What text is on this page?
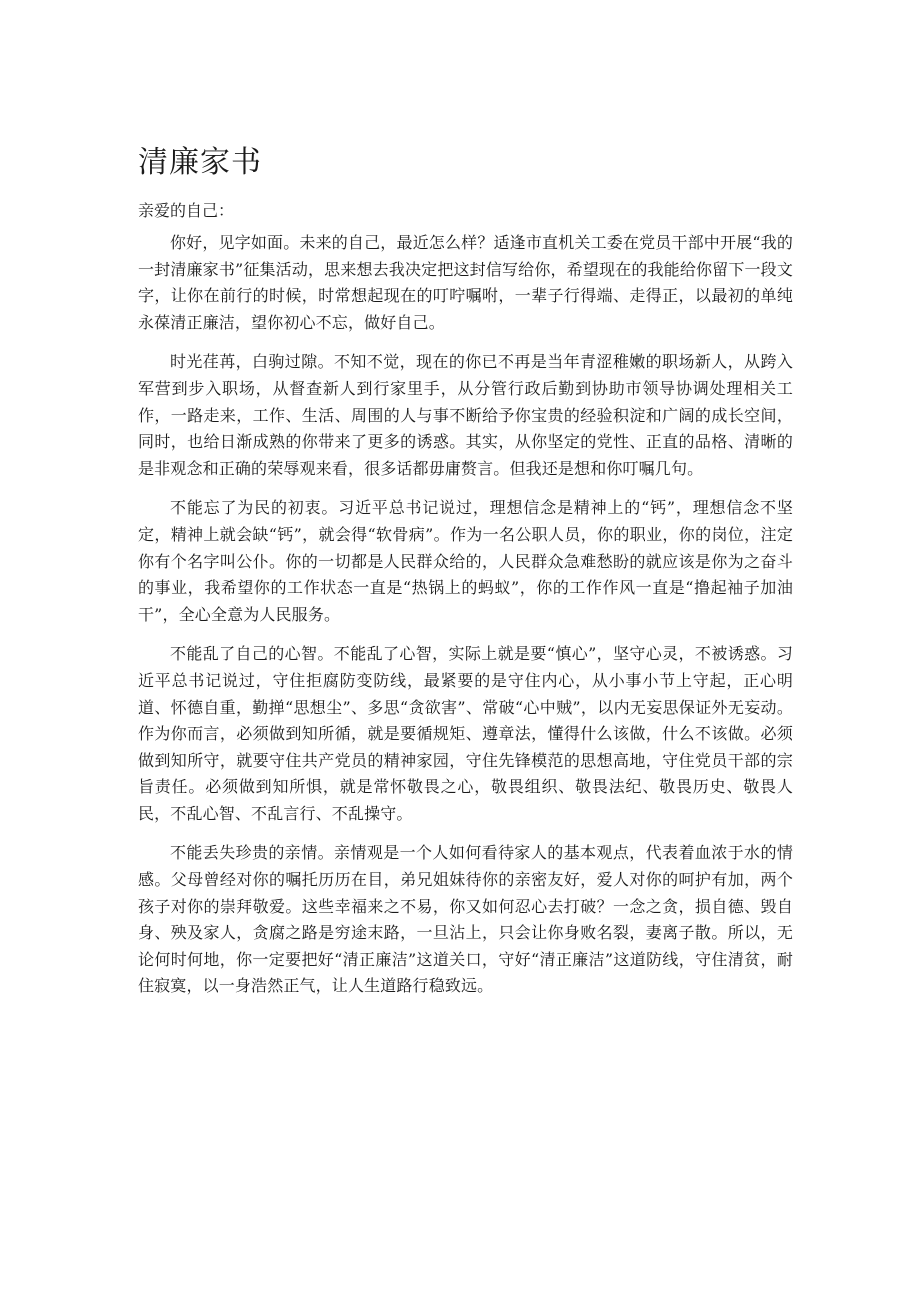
清廉家书

亲爱的自己：

你好，见字如面。未来的自己，最近怎么样？适逢市直机关工委在党员干部中开展“我的一封清廉家书”征集活动，思来想去我决定把这封信写给你，希望现在的我能给你留下一段文字，让你在前行的时候，时常想起现在的叮咛嘱咐，一辈子行得端、走得正，以最初的单纯永葆清正廉洁，望你初心不忘，做好自己。

时光荏苒，白驹过隙。不知不觉，现在的你已不再是当年青涩稚嫩的职场新人，从跨入军营到步入职场，从督查新人到行家里手，从分管行政后勤到协助市领导协调处理相关工作，一路走来，工作、生活、周围的人与事不断给予你宝贵的经验积淀和广阔的成长空间，同时，也给日渐成熟的你带来了更多的诱惑。其实，从你坚定的党性、正直的品格、清晰的是非观念和正确的荣辱观来看，很多话都毋庸赘言。但我还是想和你叮嘱几句。

不能忘了为民的初衷。习近平总书记说过，理想信念是精神上的“钙”，理想信念不坚定，精神上就会缺“钙”，就会得“软骨病”。作为一名公职人员，你的职业，你的岗位，注定你有个名字叫公仆。你的一切都是人民群众给的，人民群众急难愁盼的就应该是你为之奋斗的事业，我希望你的工作状态一直是“热锅上的蚂蚁”，你的工作作风一直是“撸起袖子加油干”，全心全意为人民服务。

不能乱了自己的心智。不能乱了心智，实际上就是要“慎心”，坚守心灵，不被诱惑。习近平总书记说过，守住拒腐防变防线，最紧要的是守住内心，从小事小节上守起，正心明道、怀德自重，勤掸“思想尘”、多思“贪欲害”、常破“心中贼”，以内无妄思保证外无妄动。作为你而言，必须做到知所循，就是要循规矩、遵章法，懂得什么该做，什么不该做。必须做到知所守，就要守住共产党员的精神家园，守住先锋模范的思想高地，守住党员干部的宗旨责任。必须做到知所惧，就是常怀敬畏之心，敬畏组织、敬畏法纪、敬畏历史、敬畏人民，不乱心智、不乱言行、不乱操守。

不能丢失珍贵的亲情。亲情观是一个人如何看待家人的基本观点，代表着血浓于水的情感。父母曾经对你的嘱托历历在目，弟兄姐妹待你的亲密友好，爱人对你的呵护有加，两个孩子对你的崇拜敬爱。这些幸福来之不易，你又如何忍心去打破？一念之贪，损自德、毁自身、殃及家人，贪腐之路是穷途末路，一旦沾上，只会让你身败名裂，妻离子散。所以，无论何时何地，你一定要把好“清正廉洁”这道关口，守好“清正廉洁”这道防线，守住清贫，耐住寂寞，以一身浩然正气，让人生道路行稳致远。
